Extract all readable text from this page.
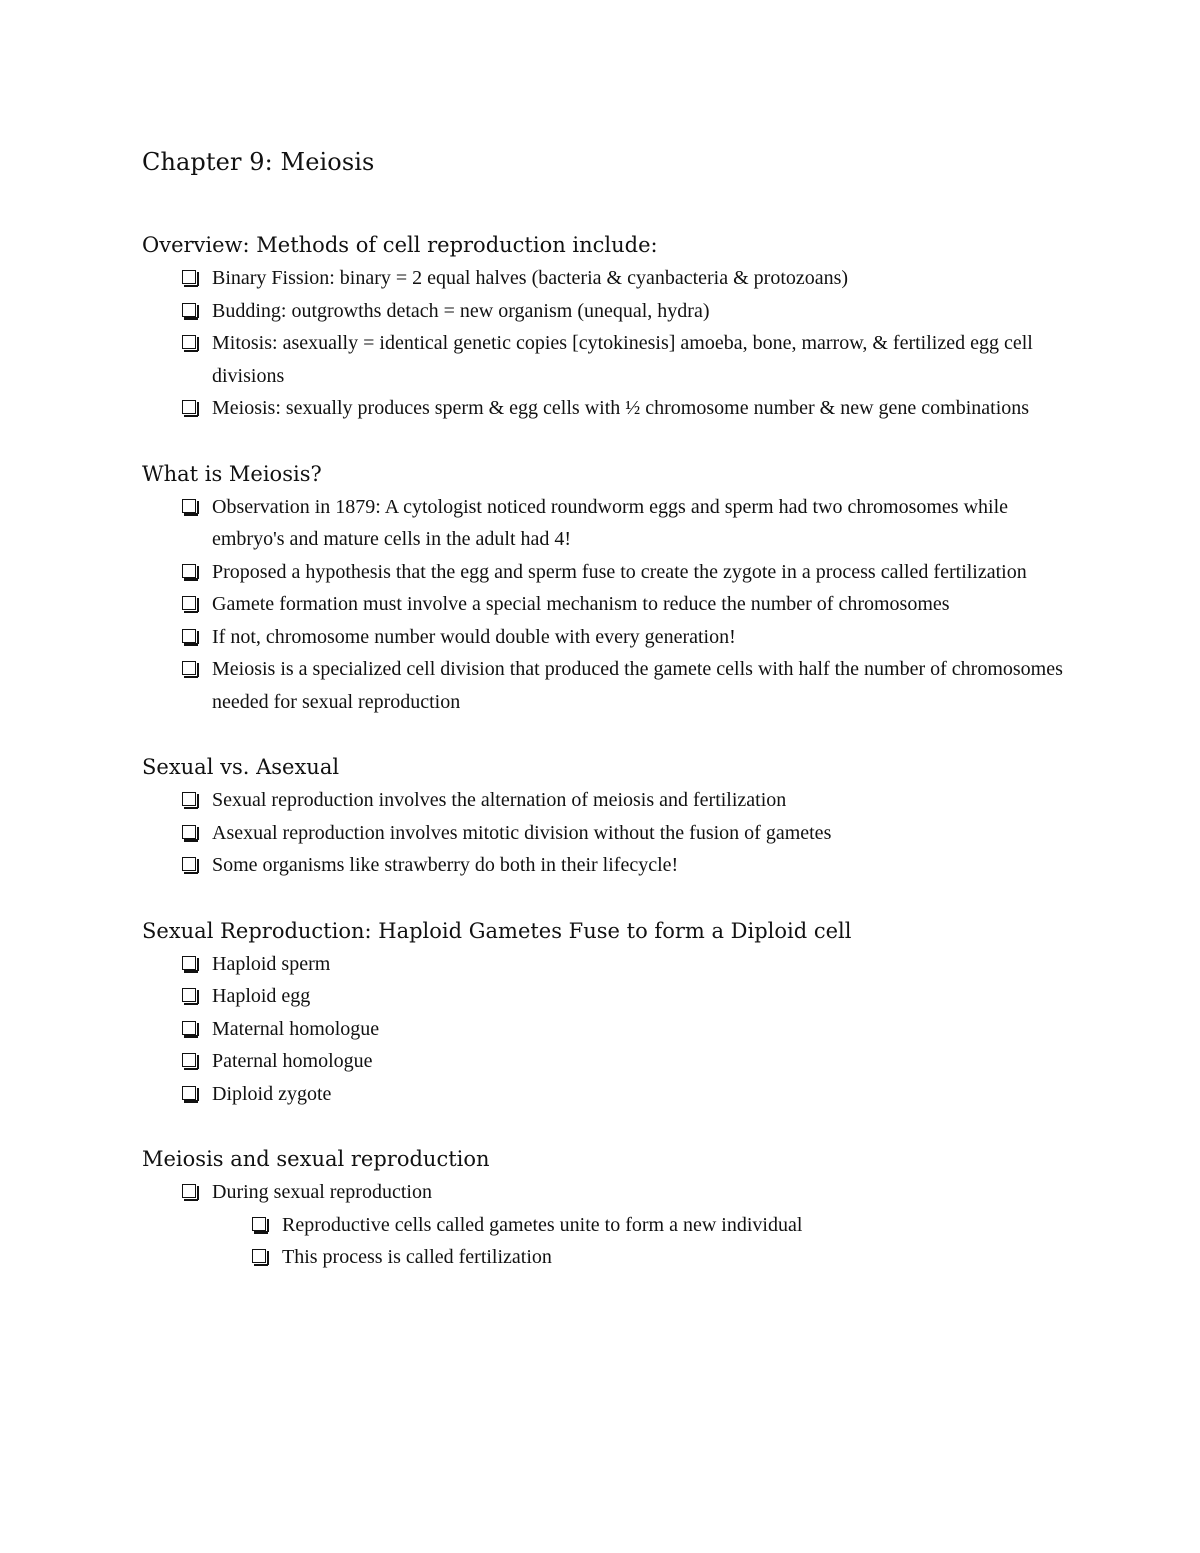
Chapter 9: Meiosis
Overview: Methods of cell reproduction include:
Binary Fission: binary = 2 equal halves (bacteria & cyanbacteria & protozoans)
Budding: outgrowths detach = new organism (unequal, hydra)
Mitosis: asexually = identical genetic copies [cytokinesis] amoeba, bone, marrow, & fertilized egg cell divisions
Meiosis: sexually produces sperm & egg cells with ½ chromosome number & new gene combinations
What is Meiosis?
Observation in 1879: A cytologist noticed roundworm eggs and sperm had two chromosomes while embryo's and mature cells in the adult had 4!
Proposed a hypothesis that the egg and sperm fuse to create the zygote in a process called fertilization
Gamete formation must involve a special mechanism to reduce the number of chromosomes
If not, chromosome number would double with every generation!
Meiosis is a specialized cell division that produced the gamete cells with half the number of chromosomes needed for sexual reproduction
Sexual vs. Asexual
Sexual reproduction involves the alternation of meiosis and fertilization
Asexual reproduction involves mitotic division without the fusion of gametes
Some organisms like strawberry do both in their lifecycle!
Sexual Reproduction: Haploid Gametes Fuse to form a Diploid cell
Haploid sperm
Haploid egg
Maternal homologue
Paternal homologue
Diploid zygote
Meiosis and sexual reproduction
During sexual reproduction
Reproductive cells called gametes unite to form a new individual
This process is called fertilization
